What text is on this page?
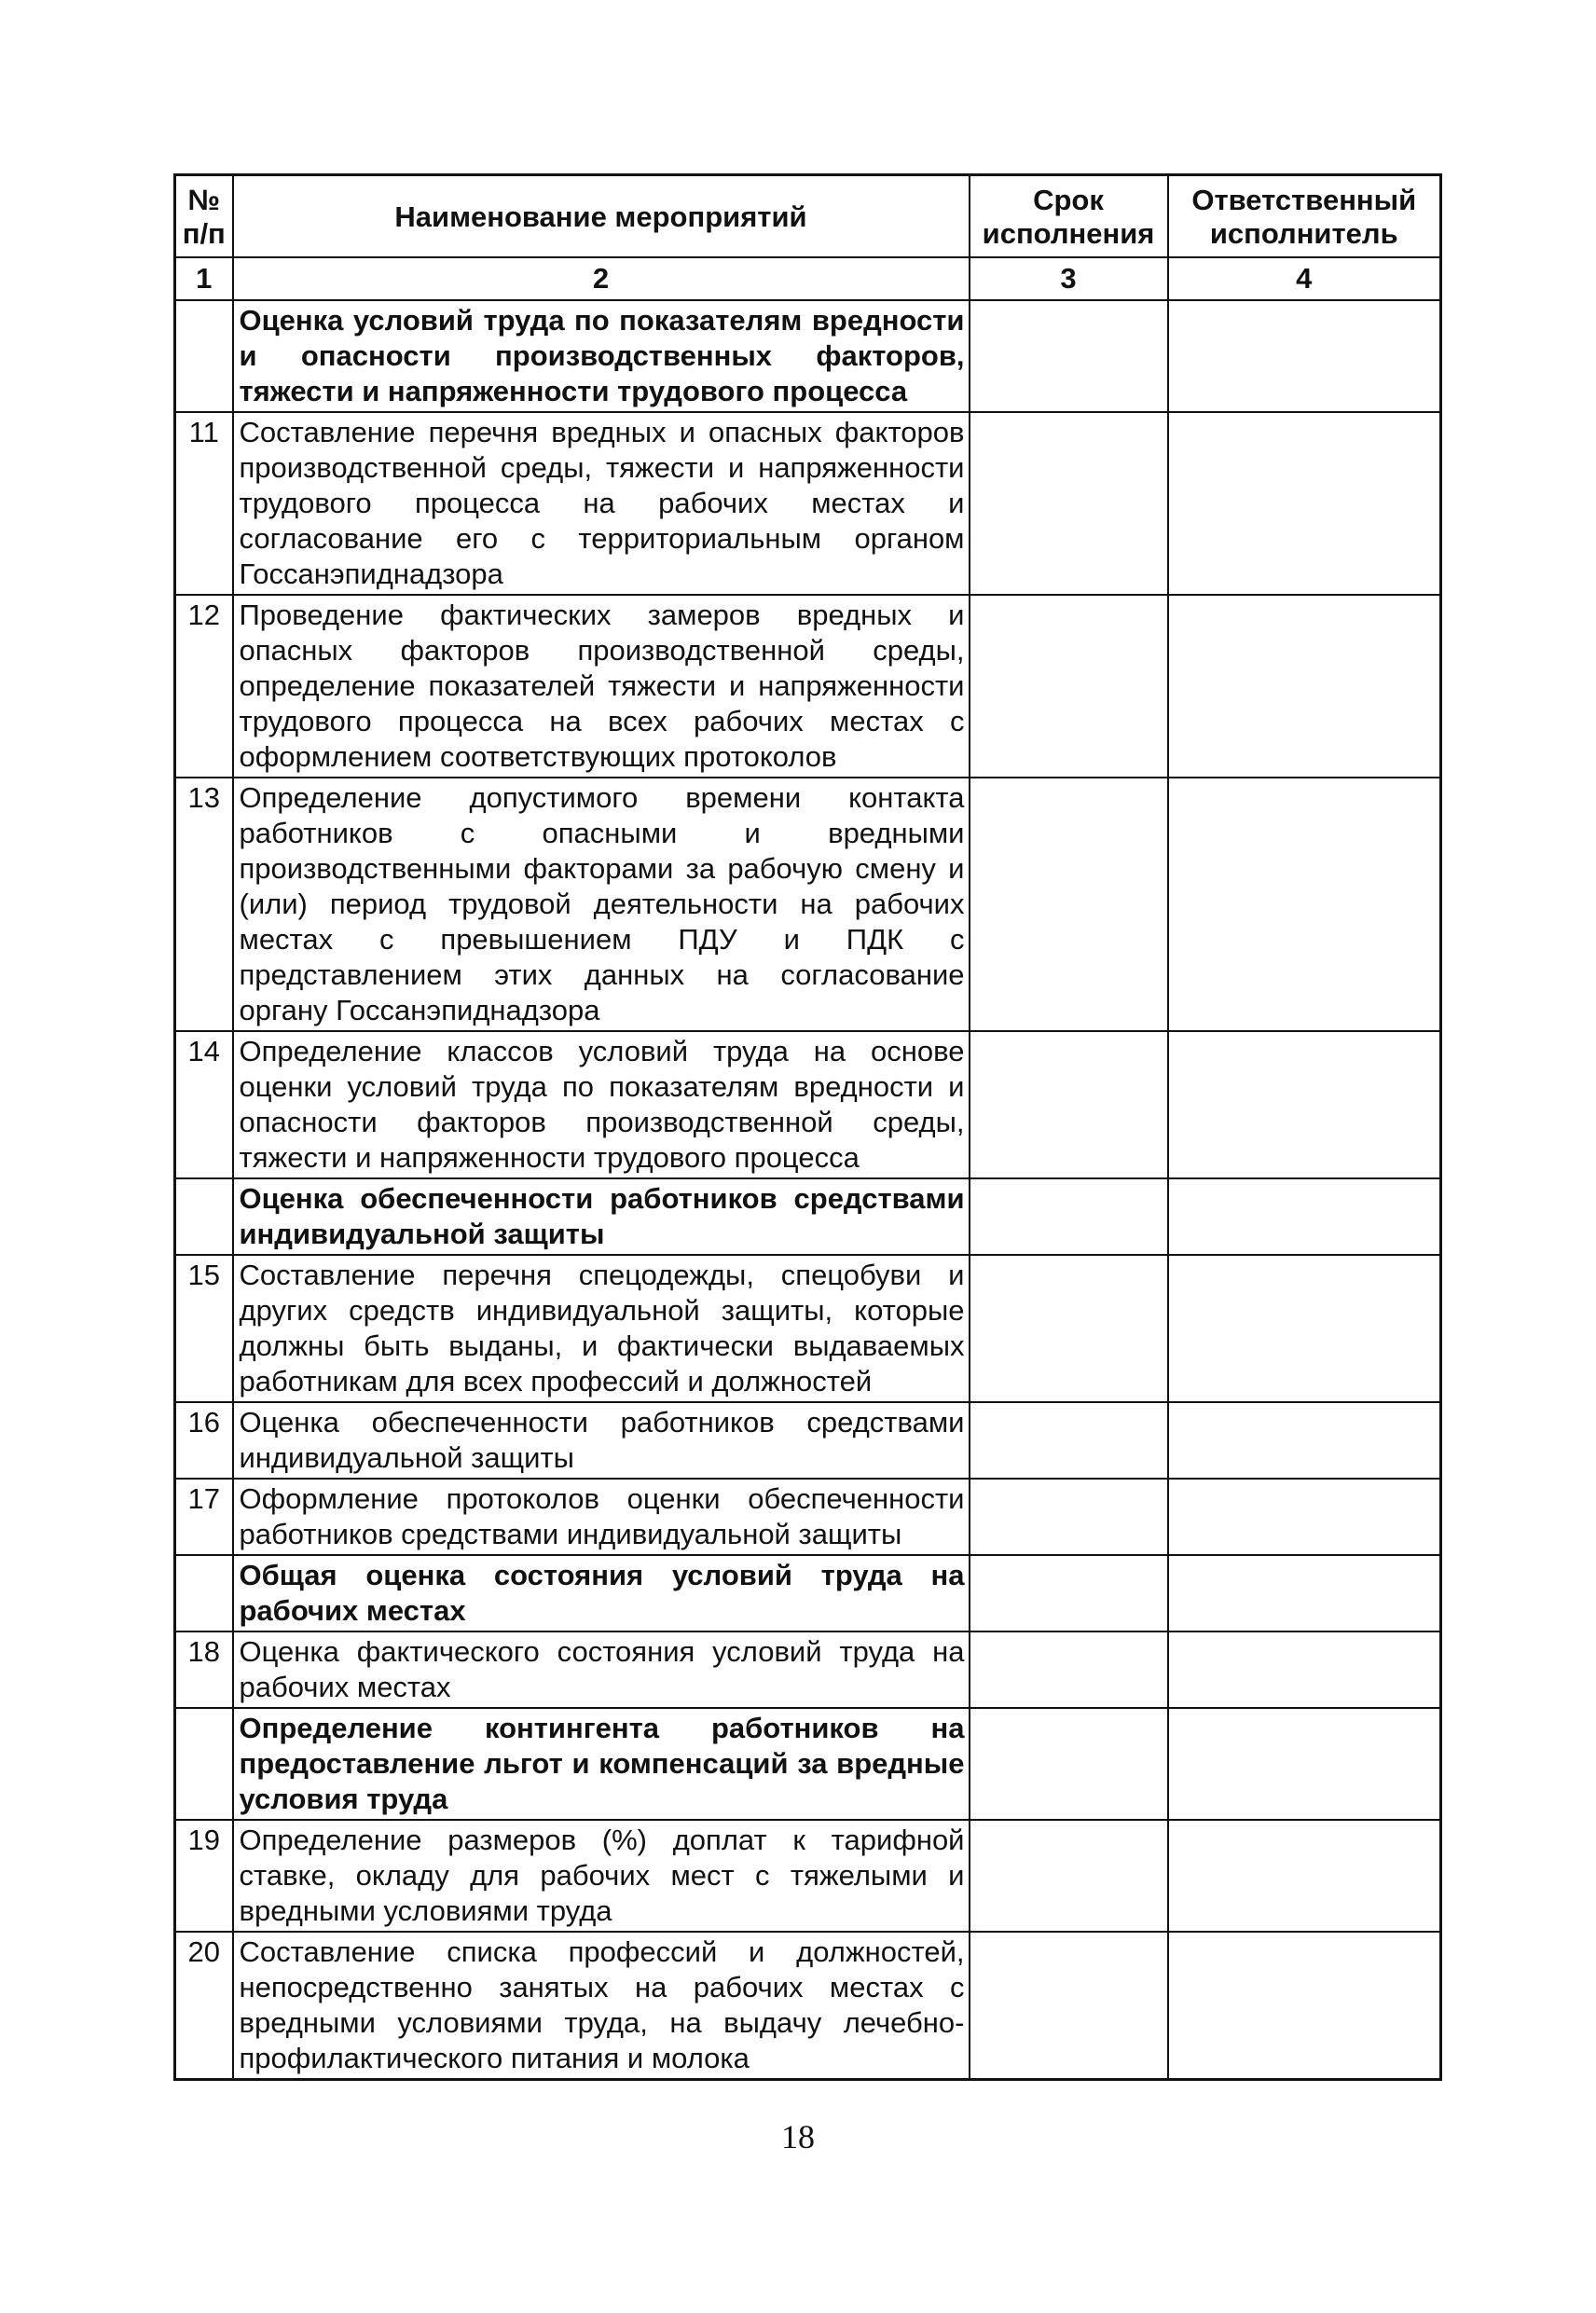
№ п/п	Наименование мероприятий	Срок исполнения	Ответственный исполнитель
1	2	3	4
	Оценка условий труда по показателям вредности и опасности производственных факторов, тяжести и напряженности трудового процесса		
11	Составление перечня вредных и опасных факторов производственной среды, тяжести и напряженности трудового процесса на рабочих местах и согласование его с территориальным органом Госсанэпиднадзора		
12	Проведение фактических замеров вредных и опасных факторов производственной среды, определение показателей тяжести и напряженности трудового процесса на всех рабочих местах с оформлением соответствующих протоколов		
13	Определение допустимого времени контакта работников с опасными и вредными производственными факторами за рабочую смену и (или) период трудовой деятельности на рабочих местах с превышением ПДУ и ПДК с представлением этих данных на согласование органу Госсанэпиднадзора		
14	Определение классов условий труда на основе оценки условий труда по показателям вредности и опасности факторов производственной среды, тяжести и напряженности трудового процесса		
	Оценка обеспеченности работников средствами индивидуальной защиты		
15	Составление перечня спецодежды, спецобуви и других средств индивидуальной защиты, которые должны быть выданы, и фактически выдаваемых работникам для всех профессий и должностей		
16	Оценка обеспеченности работников средствами индивидуальной защиты		
17	Оформление протоколов оценки обеспеченности работников средствами индивидуальной защиты		
	Общая оценка состояния условий труда на рабочих местах		
18	Оценка фактического состояния условий труда на рабочих местах		
	Определение контингента работников на предоставление льгот и компенсаций за вредные условия труда		
19	Определение размеров (%) доплат к тарифной ставке, окладу для рабочих мест с тяжелыми и вредными условиями труда		
20	Составление списка профессий и должностей, непосредственно занятых на рабочих местах с вредными условиями труда, на выдачу лечебно-профилактического питания и молока		
18
